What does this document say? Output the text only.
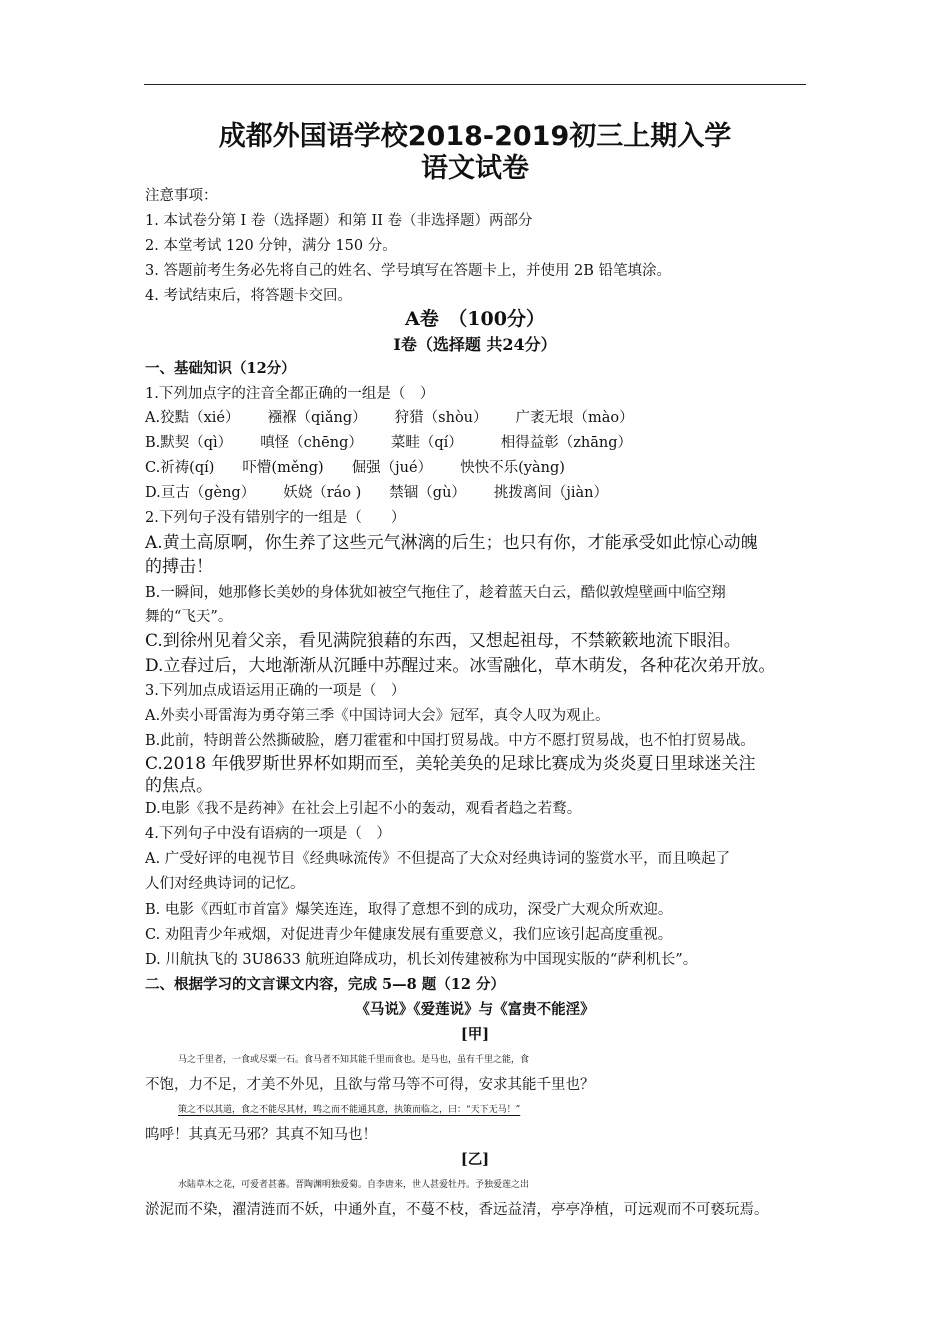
成都外国语学校2018-2019初三上期入学
语文试卷
注意事项：
1. 本试卷分第 I 卷（选择题）和第 II 卷（非选择题）两部分
2. 本堂考试 120 分钟，满分 150 分。
3. 答题前考生务必先将自己的姓名、学号填写在答题卡上，并使用 2B 铅笔填涂。
4. 考试结束后，将答题卡交回。
A卷　（100分）
I卷（选择题 共24分）
一、基础知识（12分）
1.下列加点字的注音全都正确的一组是（　）
A.狡黠（xié） 襁褓（qiǎng） 狩猎（shòu） 广袤无垠（mào）
B.默契（qì） 嗔怪（chēng） 菜畦（qí）	相得益彰（zhāng）
C.祈祷(qí) 吓懵(měng) 倔强（jué） 怏怏不乐(yàng)
D.亘古（gèng） 妖娆（ráo ) 禁锢（gù） 挑拨离间（jiàn）
2.下列句子没有错别字的一组是（　　）
A.黄土高原啊，你生养了这些元气淋漓的后生；也只有你，才能承受如此惊心动魄
的搏击！
B.一瞬间，她那修长美妙的身体犹如被空气拖住了，趁着蓝天白云，酷似敦煌壁画中临空翔
舞的“飞天”。
C.到徐州见着父亲，看见满院狼藉的东西，又想起祖母，不禁簌簌地流下眼泪。
D.立春过后，大地渐渐从沉睡中苏醒过来。冰雪融化，草木萌发，各种花次弟开放。
3.下列加点成语运用正确的一项是（　）
A.外卖小哥雷海为勇夺第三季《中国诗词大会》冠军，真令人叹为观止。
B.此前，特朗普公然撕破脸，磨刀霍霍和中国打贸易战。中方不愿打贸易战，也不怕打贸易战。
C.2018 年俄罗斯世界杯如期而至，美轮美奂的足球比赛成为炎炎夏日里球迷关注
的焦点。
D.电影《我不是药神》在社会上引起不小的轰动，观看者趋之若鹜。
4.下列句子中没有语病的一项是（　）
A. 广受好评的电视节目《经典咏流传》不但提高了大众对经典诗词的鉴赏水平，而且唤起了
人们对经典诗词的记忆。
B. 电影《西虹市首富》爆笑连连，取得了意想不到的成功，深受广大观众所欢迎。
C. 劝阻青少年戒烟，对促进青少年健康发展有重要意义，我们应该引起高度重视。
D. 川航执飞的 3U8633 航班迫降成功，机长刘传建被称为中国现实版的“萨利机长”。
二、根据学习的文言课文内容，完成 5—8 题（12 分）
《马说》《爱莲说》与《富贵不能淫》
[甲]
马之千里者，一食或尽粟一石。食马者不知其能千里而食也。是马也，虽有千里之能，食
不饱，力不足，才美不外见，且欲与常马等不可得，安求其能千里也？
策之不以其道，食之不能尽其材，鸣之而不能通其意，执策而临之，曰：“天下无马！”
呜呼！其真无马邪？其真不知马也！
[乙]
水陆草木之花，可爱者甚蕃。晋陶渊明独爱菊。自李唐来，世人甚爱牡丹。予独爱莲之出
淤泥而不染，濯清涟而不妖，中通外直，不蔓不枝，香远益清，亭亭净植，可远观而不可亵玩焉。
